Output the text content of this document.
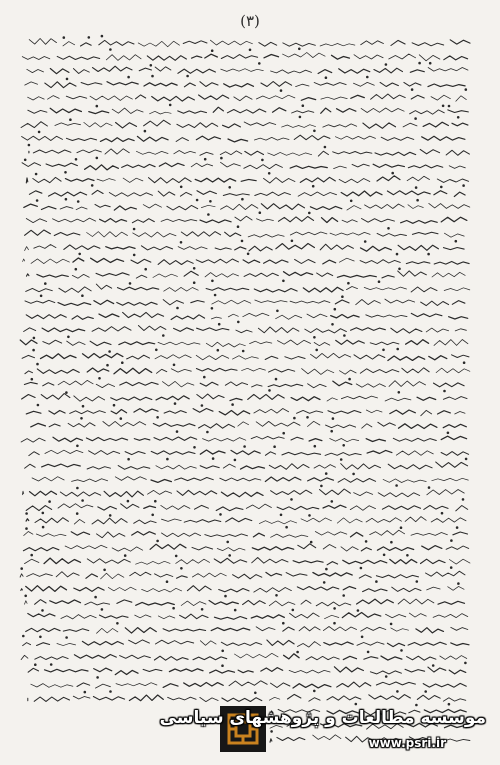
(۳)
موسسه مطالعات و پژوهشهای سیاسی
www.psri.ir
